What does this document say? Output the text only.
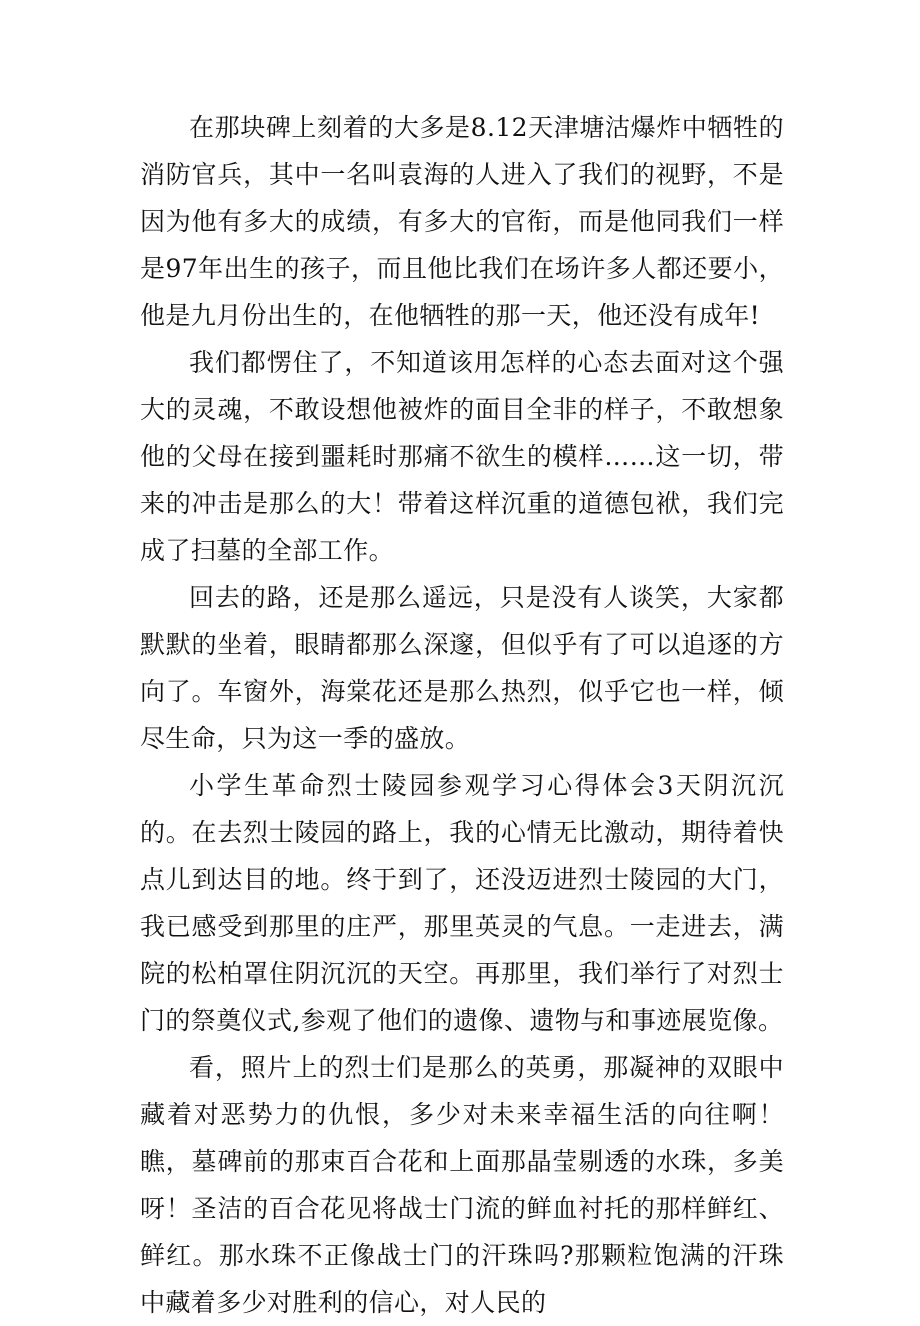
在那块碑上刻着的大多是8.12天津塘沽爆炸中牺牲的消防官兵，其中一名叫袁海的人进入了我们的视野，不是因为他有多大的成绩，有多大的官衔，而是他同我们一样是97年出生的孩子，而且他比我们在场许多人都还要小，他是九月份出生的，在他牺牲的那一天，他还没有成年!

我们都愣住了，不知道该用怎样的心态去面对这个强大的灵魂，不敢设想他被炸的面目全非的样子，不敢想象他的父母在接到噩耗时那痛不欲生的模样……这一切，带来的冲击是那么的大！带着这样沉重的道德包袱，我们完成了扫墓的全部工作。

回去的路，还是那么遥远，只是没有人谈笑，大家都默默的坐着，眼睛都那么深邃，但似乎有了可以追逐的方向了。车窗外，海棠花还是那么热烈，似乎它也一样，倾尽生命，只为这一季的盛放。

小学生革命烈士陵园参观学习心得体会3天阴沉沉的。在去烈士陵园的路上，我的心情无比激动，期待着快点儿到达目的地。终于到了，还没迈进烈士陵园的大门，我已感受到那里的庄严，那里英灵的气息。一走进去，满院的松柏罩住阴沉沉的天空。再那里，我们举行了对烈士门的祭奠仪式,参观了他们的遗像、遗物与和事迹展览像。

看，照片上的烈士们是那么的英勇，那凝神的双眼中藏着对恶势力的仇恨，多少对未来幸福生活的向往啊！瞧，墓碑前的那束百合花和上面那晶莹剔透的水珠，多美呀！圣洁的百合花见将战士门流的鲜血衬托的那样鲜红、鲜红。那水珠不正像战士门的汗珠吗?那颗粒饱满的汗珠中藏着多少对胜利的信心，对人民的
